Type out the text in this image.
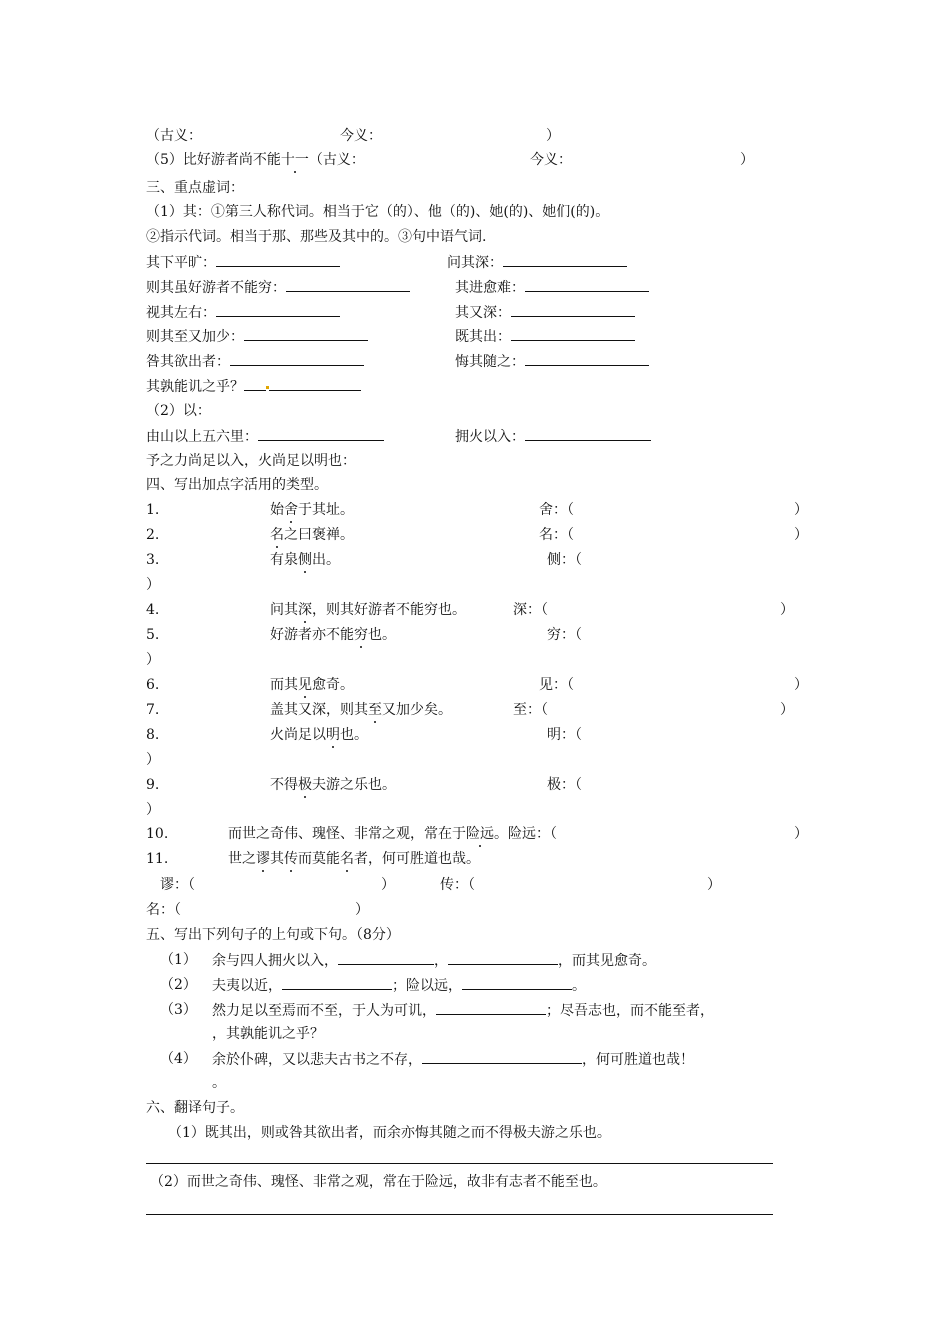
（古义：	今义：	）
（5）比好游者尚不能十一（古义：	今义：	）
三、重点虚词：
（1）其：①第三人称代词。相当于它（的）、他（的)、她(的)、她们(的)。
②指示代词。相当于那、那些及其中的。③句中语气词.
其下平旷：	问其深：
则其虽好游者不能穷：	其进愈难：
视其左右：	其又深：
则其至又加少：	既其出：
咎其欲出者：	悔其随之：
其孰能讥之乎？
（2）以：
由山以上五六里：	拥火以入：
予之力尚足以入，火尚足以明也：
四、写出加点字活用的类型。
1.	始舍于其址。	舍：（	）
2.	名之曰褒禅。	名：（	）
3.	有泉侧出。	侧：（
）
4.	问其深，则其好游者不能穷也。	深：（	）
5.	好游者亦不能穷也。	穷：（
）
6.	而其见愈奇。	见：（	）
7.	盖其又深，则其至又加少矣。	至：（	）
8.	火尚足以明也。	明：（
）
9.	不得极夫游之乐也。	极：（
）
10.	而世之奇伟、瑰怪、非常之观，常在于险远。险远：（	）
11.	世之谬其传而莫能名者，何可胜道也哉。
谬：（	）	传：（	）
名：（	）
五、写出下列句子的上句或下句。（8分）
（1） 余与四人拥火以入，	，	，而其见愈奇。
（2） 夫夷以近，	；险以远，	。
（3） 然力足以至焉而不至，于人为可讥，	；尽吾志也，而不能至者，
，其孰能讥之乎？
（4） 余於仆碑，又以悲夫古书之不存，	，何可胜道也哉！
。
六、翻译句子。
（1）既其出，则或咎其欲出者，而余亦悔其随之而不得极夫游之乐也。
（2）而世之奇伟、瑰怪、非常之观，常在于险远，故非有志者不能至也。
